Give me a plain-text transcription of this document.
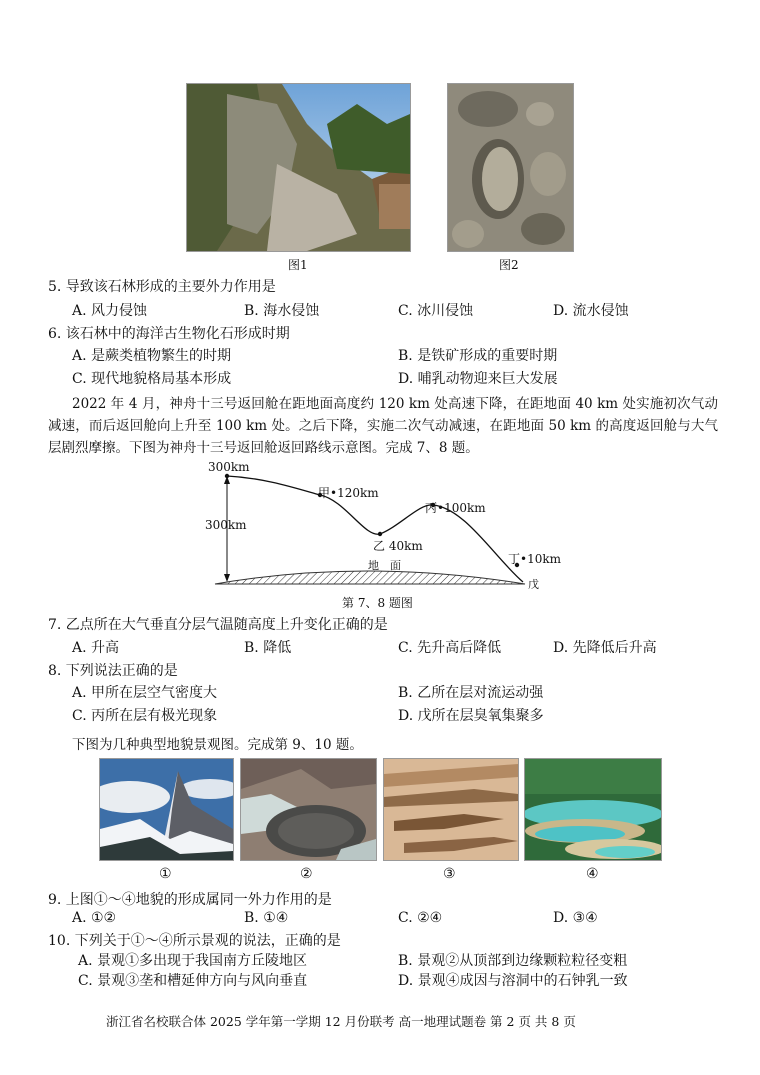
图1	图2
5. 导致该石林形成的主要外力作用是
A. 风力侵蚀	B. 海水侵蚀	C. 冰川侵蚀	D. 流水侵蚀
6. 该石林中的海洋古生物化石形成时期
A. 是蕨类植物繁生的时期	B. 是铁矿形成的重要时期
C. 现代地貌格局基本形成	D. 哺乳动物迎来巨大发展
2022 年 4 月，神舟十三号返回舱在距地面高度约 120 km 处高速下降，在距地面 40 km 处实施初次气动减速，而后返回舱向上升至 100 km 处。之后下降，实施二次气动减速，在距地面 50 km 的高度返回舱与大气层剧烈摩擦。下图为神舟十三号返回舱返回路线示意图。完成 7、8 题。
300km
300km
甲•120km
乙 40km
丙•100km
丁•10km
戊
地　面
第 7、8 题图
7. 乙点所在大气垂直分层气温随高度上升变化正确的是
A. 升高	B. 降低	C. 先升高后降低	D. 先降低后升高
8. 下列说法正确的是
A. 甲所在层空气密度大	B. 乙所在层对流运动强
C. 丙所在层有极光现象	D. 戊所在层臭氧集聚多
下图为几种典型地貌景观图。完成第 9、10 题。
①	②	③	④
9. 上图①～④地貌的形成属同一外力作用的是
A. ①②	B. ①④	C. ②④	D. ③④
10. 下列关于①～④所示景观的说法，正确的是
A. 景观①多出现于我国南方丘陵地区	B. 景观②从顶部到边缘颗粒粒径变粗
C. 景观③垄和槽延伸方向与风向垂直	D. 景观④成因与溶洞中的石钟乳一致
浙江省名校联合体 2025 学年第一学期 12 月份联考 高一地理试题卷 第 2 页 共 8 页
